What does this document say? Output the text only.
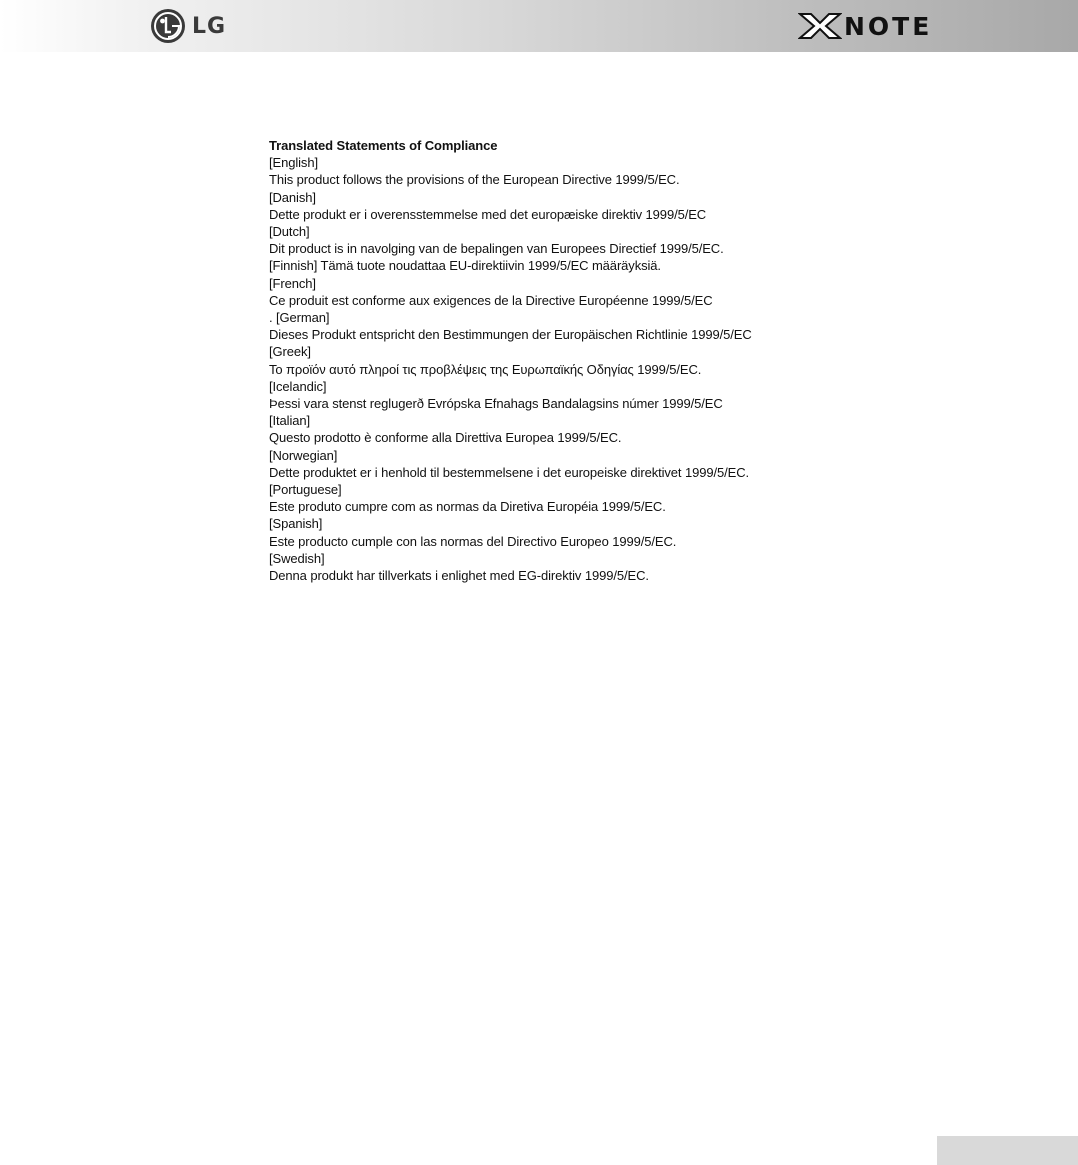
LG	NOTE

Translated Statements of Compliance

[English]

This product follows the provisions of the European Directive 1999/5/EC.

[Danish]

Dette produkt er i overensstemmelse med det europæiske direktiv 1999/5/EC

[Dutch]

Dit product is in navolging van de bepalingen van Europees Directief 1999/5/EC.

[Finnish] Tämä tuote noudattaa EU-direktiivin 1999/5/EC määräyksiä.

[French]

Ce produit est conforme aux exigences de la Directive Européenne 1999/5/EC

. [German]

Dieses Produkt entspricht den Bestimmungen der Europäischen Richtlinie 1999/5/EC

[Greek]

Το προϊόν αυτό πληροί τις προβλέψεις της Ευρωπαϊκής Οδηγίας 1999/5/EC.

[Icelandic]

Þessi vara stenst reglugerð Evrópska Efnahags Bandalagsins númer 1999/5/EC

[Italian]

Questo prodotto è conforme alla Direttiva Europea 1999/5/EC.

[Norwegian]

Dette produktet er i henhold til bestemmelsene i det europeiske direktivet 1999/5/EC.

[Portuguese]

Este produto cumpre com as normas da Diretiva Européia 1999/5/EC.

[Spanish]

Este producto cumple con las normas del Directivo Europeo 1999/5/EC.

[Swedish]

Denna produkt har tillverkats i enlighet med EG-direktiv 1999/5/EC.
